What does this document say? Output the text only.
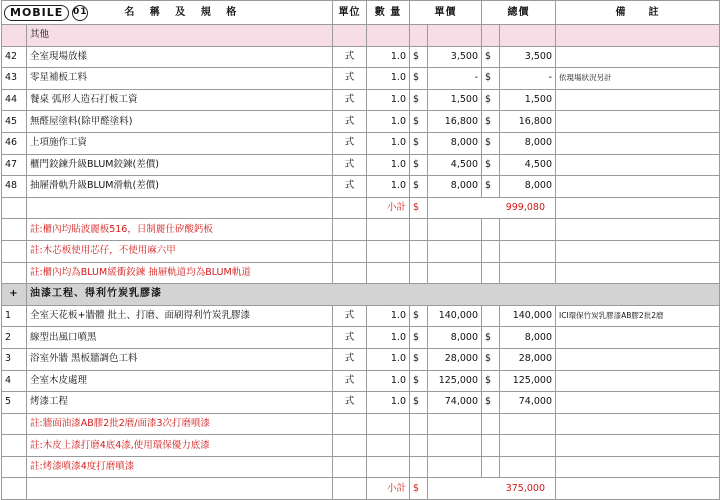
MOBILE 01 名 稱 及 規 格		單位	數 量	單價		總價		備　　註
	其他							
42	全室現場放樣	式	1.0	$	3,500	$	3,500	
43	零星補板工料	式	1.0	$	-	$	-	依現場狀況另計
44	餐桌 弧形人造石打板工資	式	1.0	$	1,500	$	1,500	
45	無醛屋塗料(除甲醛塗料)	式	1.0	$	16,800	$	16,800	
46	上項施作工資	式	1.0	$	8,000	$	8,000	
47	櫃門鉸鍊升級BLUM鉸鍊(差價)	式	1.0	$	4,500	$	4,500	
48	抽屜滑軌升級BLUM滑軌(差價)	式	1.0	$	8,000	$	8,000	
			小計	$	999,080			
	註:櫃內均貼波麗板516，日制麗仕矽酸鈣板							
	註:木芯板使用芯仔，不使用麻六甲							
	註:櫃內均為BLUM緩衝鉸鍊 抽屜軌道均為BLUM軌道							
+	油漆工程、得利竹炭乳膠漆							
1	全室天花板+牆體 批土、打磨、面刷得利竹炭乳膠漆	式	1.0	$	140,000		140,000	ICI環保竹炭乳膠漆AB膠2批2磨
2	線型出風口噴黑	式	1.0	$	8,000	$	8,000	
3	浴室外牆 黑板牆調色工料	式	1.0	$	28,000	$	28,000	
4	全室木皮處理	式	1.0	$	125,000	$	125,000	
5	烤漆工程	式	1.0	$	74,000	$	74,000	
	註:牆面油漆AB膠2批2磨/面漆3次打磨噴漆							
	註:木皮上漆打磨4底4漆,使用環保優力底漆							
	註:烤漆噴漆4度打磨噴漆							
			小計	$	375,000			
